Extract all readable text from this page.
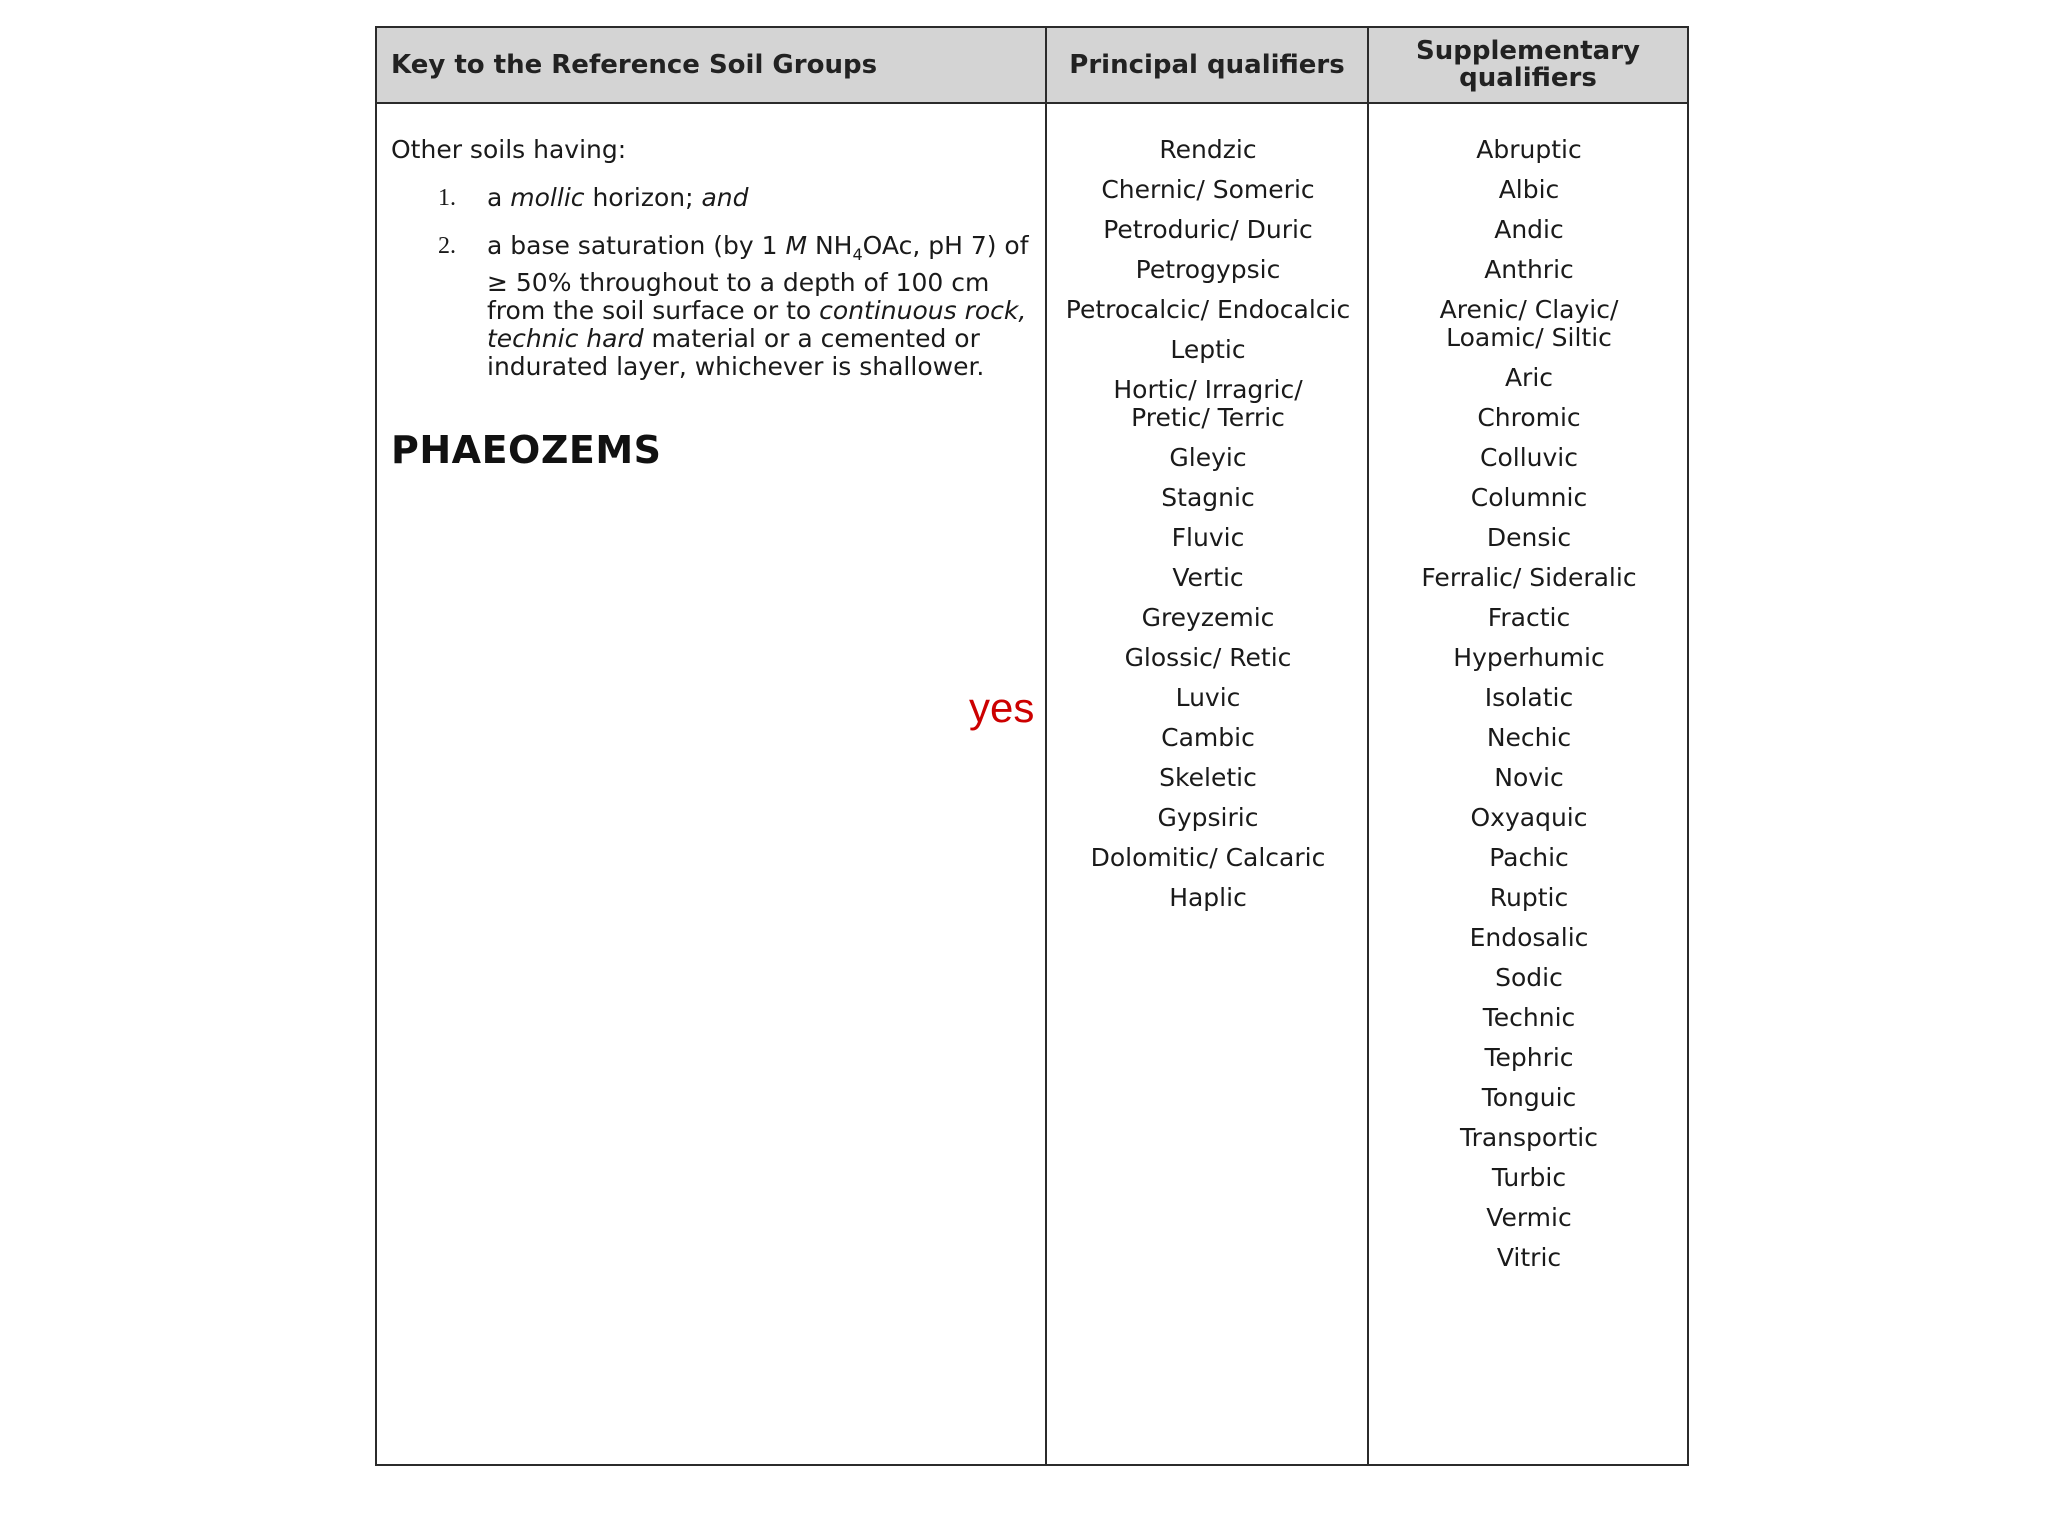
Key to the Reference Soil Groups	Principal qualifiers	Supplementary
qualifiers
Other soils having:
1. a mollic horizon; and
2. a base saturation (by 1 M $NH_4OAc$, pH 7) of ≥ 50% throughout to a depth of 100 cm from the soil surface or to continuous rock, technic hard material or a cemented or indurated layer, whichever is shallower.
PHAEOZEMS
yes
Rendzic
Chernic/ Someric
Petroduric/ Duric
Petrogypsic
Petrocalcic/ Endocalcic
Leptic
Hortic/ Irragric/
Pretic/ Terric
Gleyic
Stagnic
Fluvic
Vertic
Greyzemic
Glossic/ Retic
Luvic
Cambic
Skeletic
Gypsiric
Dolomitic/ Calcaric
Haplic
Abruptic
Albic
Andic
Anthric
Arenic/ Clayic/
Loamic/ Siltic
Aric
Chromic
Colluvic
Columnic
Densic
Ferralic/ Sideralic
Fractic
Hyperhumic
Isolatic
Nechic
Novic
Oxyaquic
Pachic
Ruptic
Endosalic
Sodic
Technic
Tephric
Tonguic
Transportic
Turbic
Vermic
Vitric
